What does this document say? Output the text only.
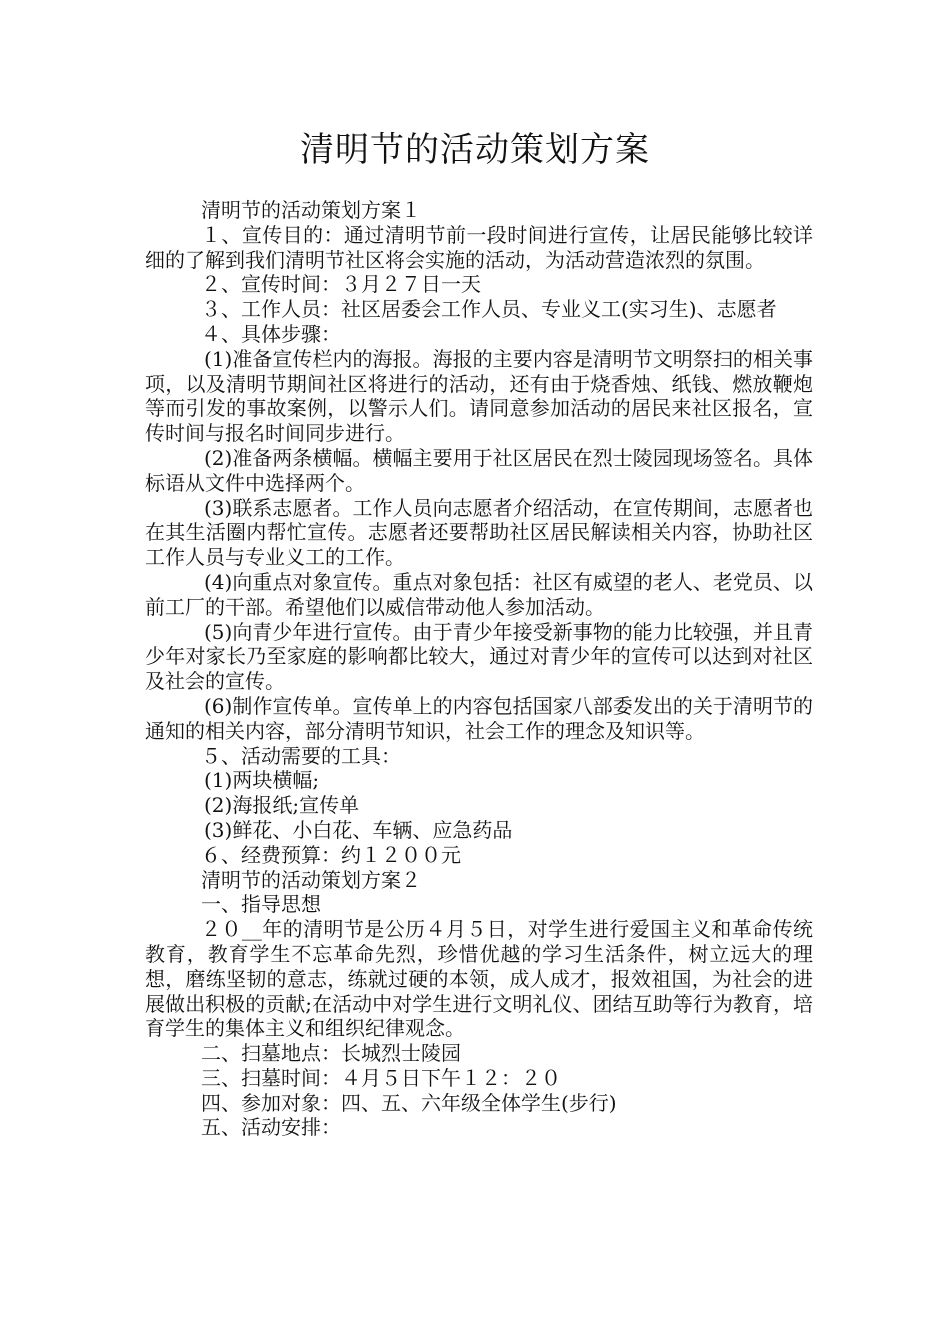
清明节的活动策划方案

清明节的活动策划方案１

１、宣传目的：通过清明节前一段时间进行宣传，让居民能够比较详细的了解到我们清明节社区将会实施的活动，为活动营造浓烈的氛围。

２、宣传时间：３月２７日一天

３、工作人员：社区居委会工作人员、专业义工(实习生)、志愿者

４、具体步骤：

(1)准备宣传栏内的海报。海报的主要内容是清明节文明祭扫的相关事项，以及清明节期间社区将进行的活动，还有由于烧香烛、纸钱、燃放鞭炮等而引发的事故案例，以警示人们。请同意参加活动的居民来社区报名，宣传时间与报名时间同步进行。

(2)准备两条横幅。横幅主要用于社区居民在烈士陵园现场签名。具体标语从文件中选择两个。

(3)联系志愿者。工作人员向志愿者介绍活动，在宣传期间，志愿者也在其生活圈内帮忙宣传。志愿者还要帮助社区居民解读相关内容，协助社区工作人员与专业义工的工作。

(4)向重点对象宣传。重点对象包括：社区有威望的老人、老党员、以前工厂的干部。希望他们以威信带动他人参加活动。

(5)向青少年进行宣传。由于青少年接受新事物的能力比较强，并且青少年对家长乃至家庭的影响都比较大，通过对青少年的宣传可以达到对社区及社会的宣传。

(6)制作宣传单。宣传单上的内容包括国家八部委发出的关于清明节的通知的相关内容，部分清明节知识，社会工作的理念及知识等。

５、活动需要的工具：

(1)两块横幅;

(2)海报纸;宣传单

(3)鲜花、小白花、车辆、应急药品

６、经费预算：约１２００元

清明节的活动策划方案２

一、指导思想

２０__年的清明节是公历４月５日，对学生进行爱国主义和革命传统教育，教育学生不忘革命先烈，珍惜优越的学习生活条件，树立远大的理想，磨练坚韧的意志，练就过硬的本领，成人成才，报效祖国，为社会的进展做出积极的贡献;在活动中对学生进行文明礼仪、团结互助等行为教育，培育学生的集体主义和组织纪律观念。

二、扫墓地点：长城烈士陵园

三、扫墓时间：４月５日下午１２：２０

四、参加对象：四、五、六年级全体学生(步行)

五、活动安排：
